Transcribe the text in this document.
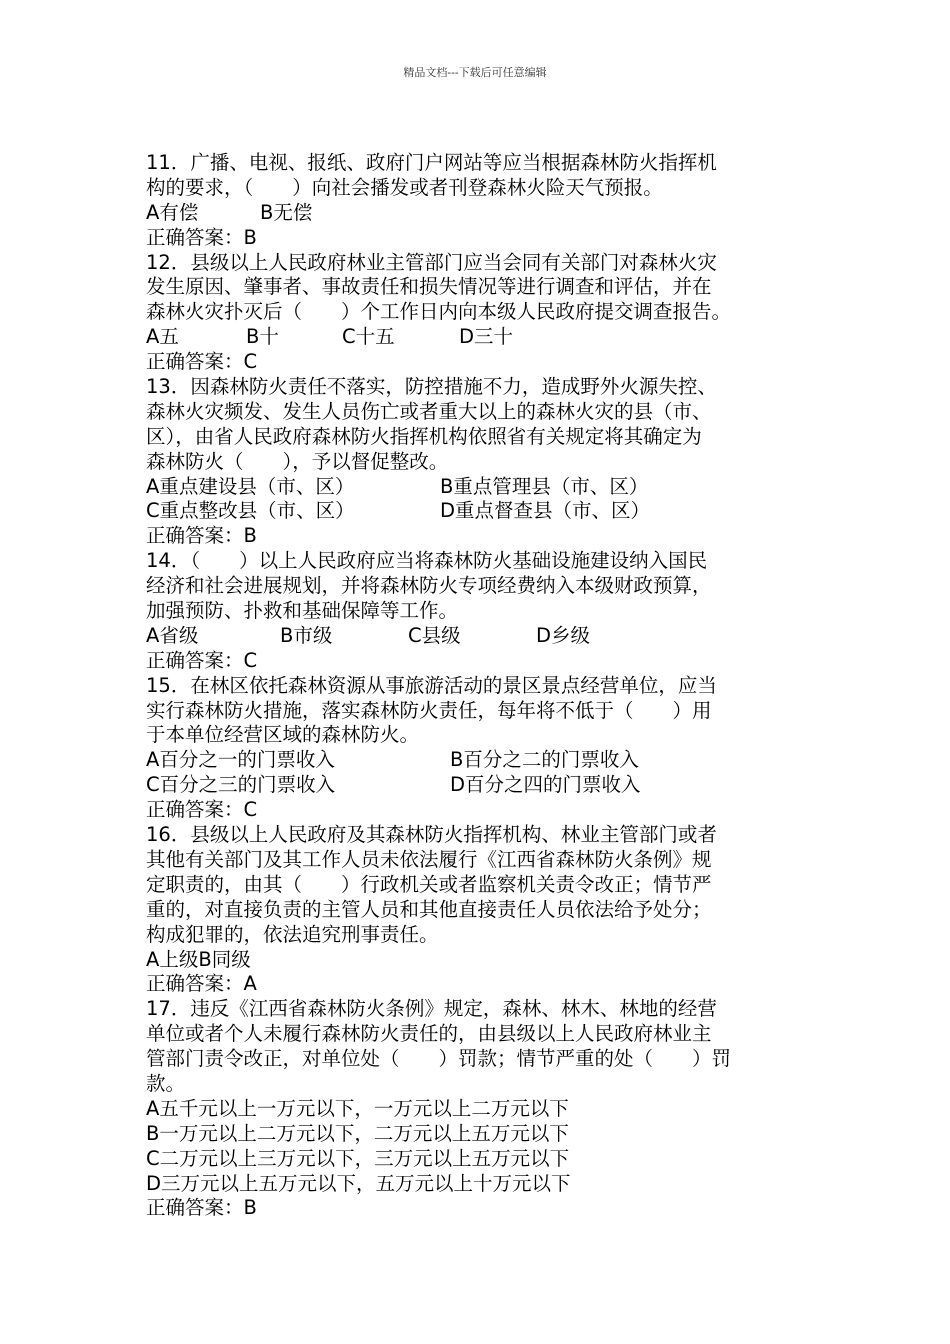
精品文档---下载后可任意编辑
11．广播、电视、报纸、政府门户网站等应当根据森林防火指挥机
构的要求，（　　）向社会播发或者刊登森林火险天气预报。
A有偿	B无偿
正确答案：B
12．县级以上人民政府林业主管部门应当会同有关部门对森林火灾
发生原因、肇事者、事故责任和损失情况等进行调查和评估，并在
森林火灾扑灭后（　　）个工作日内向本级人民政府提交调查报告。
A五	B十	C十五	D三十
正确答案：C
13．因森林防火责任不落实，防控措施不力，造成野外火源失控、
森林火灾频发、发生人员伤亡或者重大以上的森林火灾的县（市、
区），由省人民政府森林防火指挥机构依照省有关规定将其确定为
森林防火（　　），予以督促整改。
A重点建设县（市、区）	B重点管理县（市、区）
C重点整改县（市、区）	D重点督查县（市、区）
正确答案：B
14．（　　）以上人民政府应当将森林防火基础设施建设纳入国民
经济和社会进展规划，并将森林防火专项经费纳入本级财政预算，
加强预防、扑救和基础保障等工作。
A省级	B市级	C县级	D乡级
正确答案：C
15．在林区依托森林资源从事旅游活动的景区景点经营单位，应当
实行森林防火措施，落实森林防火责任，每年将不低于（　　）用
于本单位经营区域的森林防火。
A百分之一的门票收入	B百分之二的门票收入
C百分之三的门票收入	D百分之四的门票收入
正确答案：C
16．县级以上人民政府及其森林防火指挥机构、林业主管部门或者
其他有关部门及其工作人员未依法履行《江西省森林防火条例》规
定职责的，由其（　　）行政机关或者监察机关责令改正；情节严
重的，对直接负责的主管人员和其他直接责任人员依法给予处分；
构成犯罪的，依法追究刑事责任。
A上级B同级
正确答案：A
17．违反《江西省森林防火条例》规定，森林、林木、林地的经营
单位或者个人未履行森林防火责任的，由县级以上人民政府林业主
管部门责令改正，对单位处（　　）罚款；情节严重的处（　　）罚
款。
A五千元以上一万元以下，一万元以上二万元以下
B一万元以上二万元以下，二万元以上五万元以下
C二万元以上三万元以下，三万元以上五万元以下
D三万元以上五万元以下，五万元以上十万元以下
正确答案：B
